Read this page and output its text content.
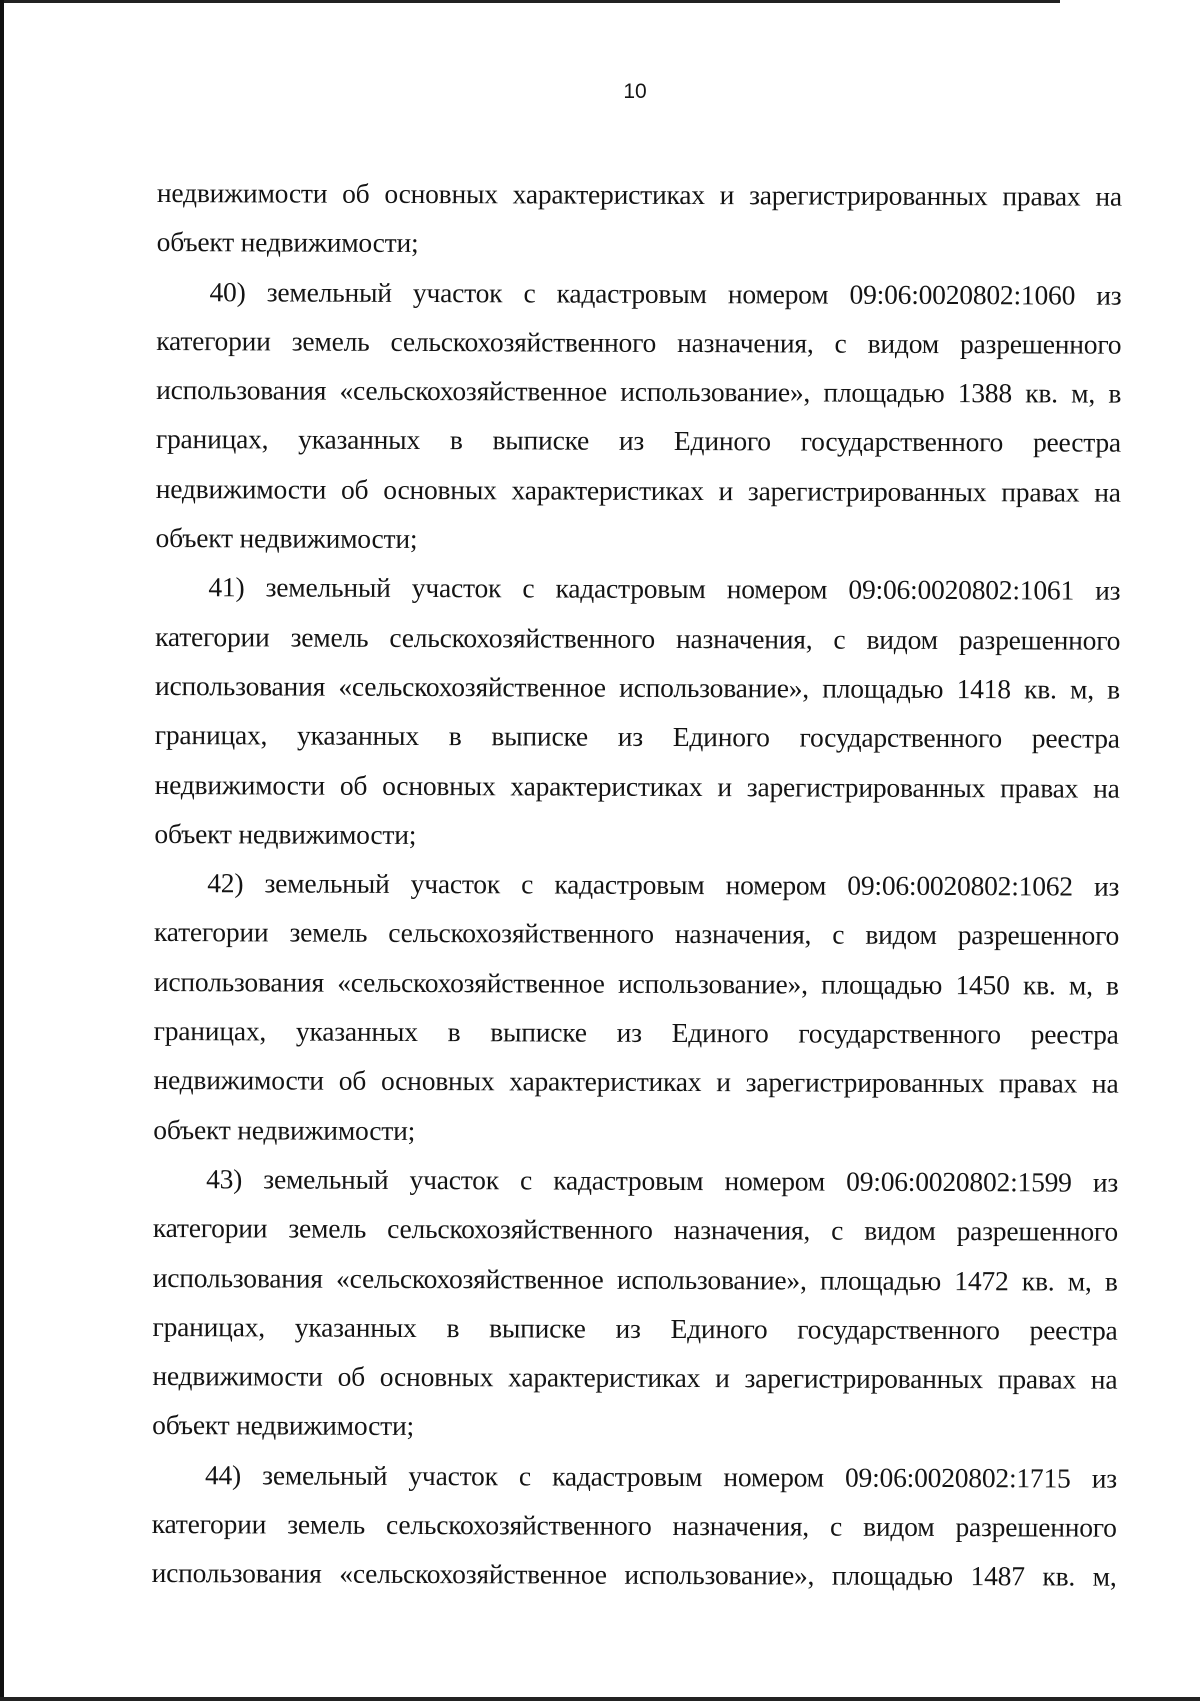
10

недвижимости об основных характеристиках и зарегистрированных правах на объект недвижимости;

40) земельный участок с кадастровым номером 09:06:0020802:1060 из категории земель сельскохозяйственного назначения, с видом разрешенного использования «сельскохозяйственное использование», площадью 1388 кв. м, в границах, указанных в выписке из Единого государственного реестра недвижимости об основных характеристиках и зарегистрированных правах на объект недвижимости;

41) земельный участок с кадастровым номером 09:06:0020802:1061 из категории земель сельскохозяйственного назначения, с видом разрешенного использования «сельскохозяйственное использование», площадью 1418 кв. м, в границах, указанных в выписке из Единого государственного реестра недвижимости об основных характеристиках и зарегистрированных правах на объект недвижимости;

42) земельный участок с кадастровым номером 09:06:0020802:1062 из категории земель сельскохозяйственного назначения, с видом разрешенного использования «сельскохозяйственное использование», площадью 1450 кв. м, в границах, указанных в выписке из Единого государственного реестра недвижимости об основных характеристиках и зарегистрированных правах на объект недвижимости;

43) земельный участок с кадастровым номером 09:06:0020802:1599 из категории земель сельскохозяйственного назначения, с видом разрешенного использования «сельскохозяйственное использование», площадью 1472 кв. м, в границах, указанных в выписке из Единого государственного реестра недвижимости об основных характеристиках и зарегистрированных правах на объект недвижимости;

44) земельный участок с кадастровым номером 09:06:0020802:1715 из категории земель сельскохозяйственного назначения, с видом разрешенного использования «сельскохозяйственное использование», площадью 1487 кв. м,
